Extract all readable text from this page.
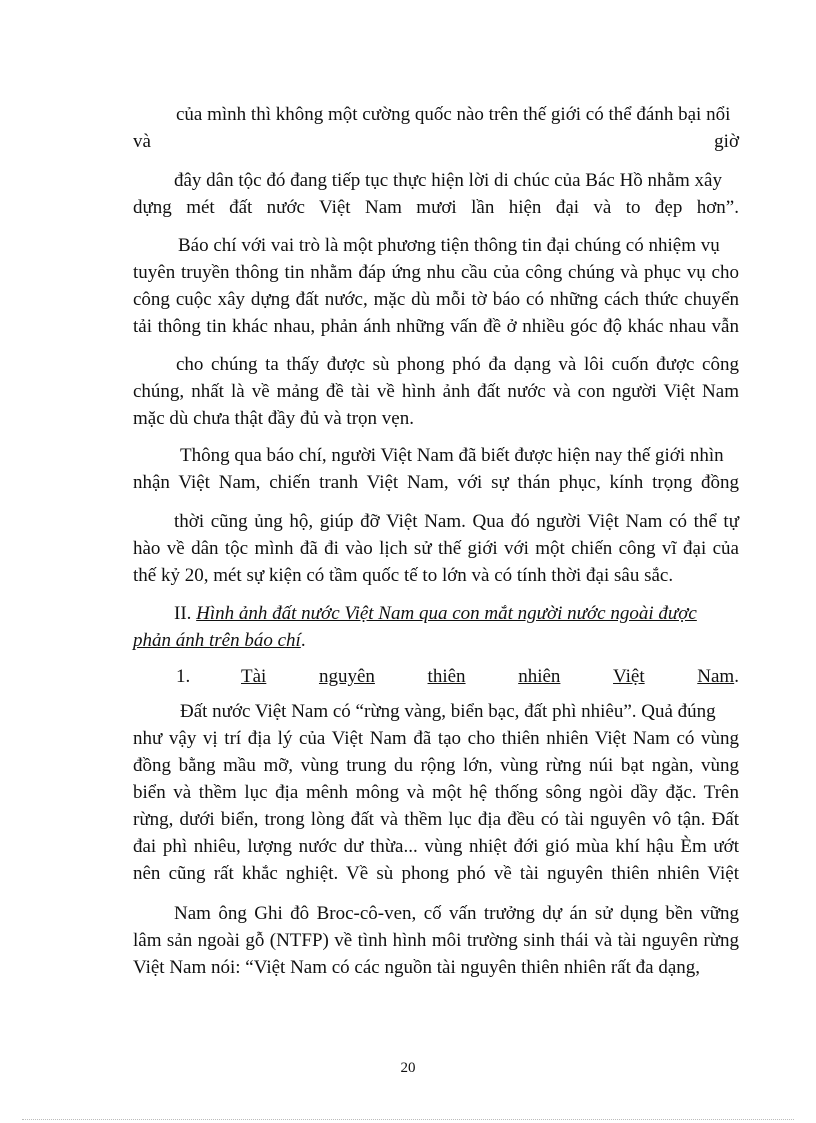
của mình thì không một cường quốc nào trên thế giới có thể đánh bại nổi
và	giờ
đây dân tộc đó đang tiếp tục thực hiện lời di chúc của Bác Hồ nhằm xây
dựng mét đất nước Việt Nam mươi lần hiện đại và to đẹp hơn”.
Báo chí với vai trò là một phương tiện thông tin đại chúng có nhiệm vụ
tuyên truyền thông tin nhằm đáp ứng nhu cầu của công chúng và phục vụ cho
công cuộc xây dựng đất nước, mặc dù mỗi tờ báo có những cách thức chuyển
tải thông tin khác nhau, phản ánh những vấn đề ở nhiều góc độ khác nhau vẫn
cho chúng ta thấy được sù phong phó đa dạng và lôi cuốn được công
chúng, nhất là về mảng đề tài về hình ảnh đất nước và con người Việt Nam
mặc dù chưa thật đầy đủ và trọn vẹn.
Thông qua báo chí, người Việt Nam đã biết được hiện nay thế giới nhìn
nhận Việt Nam, chiến tranh Việt Nam, với sự thán phục, kính trọng đồng
thời cũng ủng hộ, giúp đỡ Việt Nam. Qua đó người Việt Nam có thể tự
hào về dân tộc mình đã đi vào lịch sử thế giới với một chiến công vĩ đại của
thế kỷ 20, mét sự kiện có tầm quốc tế to lớn và có tính thời đại sâu sắc.
II. Hình ảnh đất nước Việt Nam qua con mắt người nước ngoài được
phản ánh trên báo chí.
1.	Tài	nguyên	thiên	nhiên	Việt	Nam.
Đất nước Việt Nam có “rừng vàng, biển bạc, đất phì nhiêu”. Quả đúng
như vậy vị trí địa lý của Việt Nam đã tạo cho thiên nhiên Việt Nam có vùng
đồng bằng mầu mỡ, vùng trung du rộng lớn, vùng rừng núi bạt ngàn, vùng
biển và thềm lục địa mênh mông và một hệ thống sông ngòi dầy đặc. Trên
rừng, dưới biển, trong lòng đất và thềm lục địa đều có tài nguyên vô tận. Đất
đai phì nhiêu, lượng nước dư thừa... vùng nhiệt đới gió mùa khí hậu Èm ướt
nên cũng rất khắc nghiệt. Về sù phong phó về tài nguyên thiên nhiên Việt
Nam ông Ghi đô Broc-cô-ven, cố vấn trưởng dự án sử dụng bền vững
lâm sản ngoài gỗ (NTFP) về tình hình môi trường sinh thái và tài nguyên rừng
Việt Nam nói: “Việt Nam có các nguồn tài nguyên thiên nhiên rất đa dạng,
20
